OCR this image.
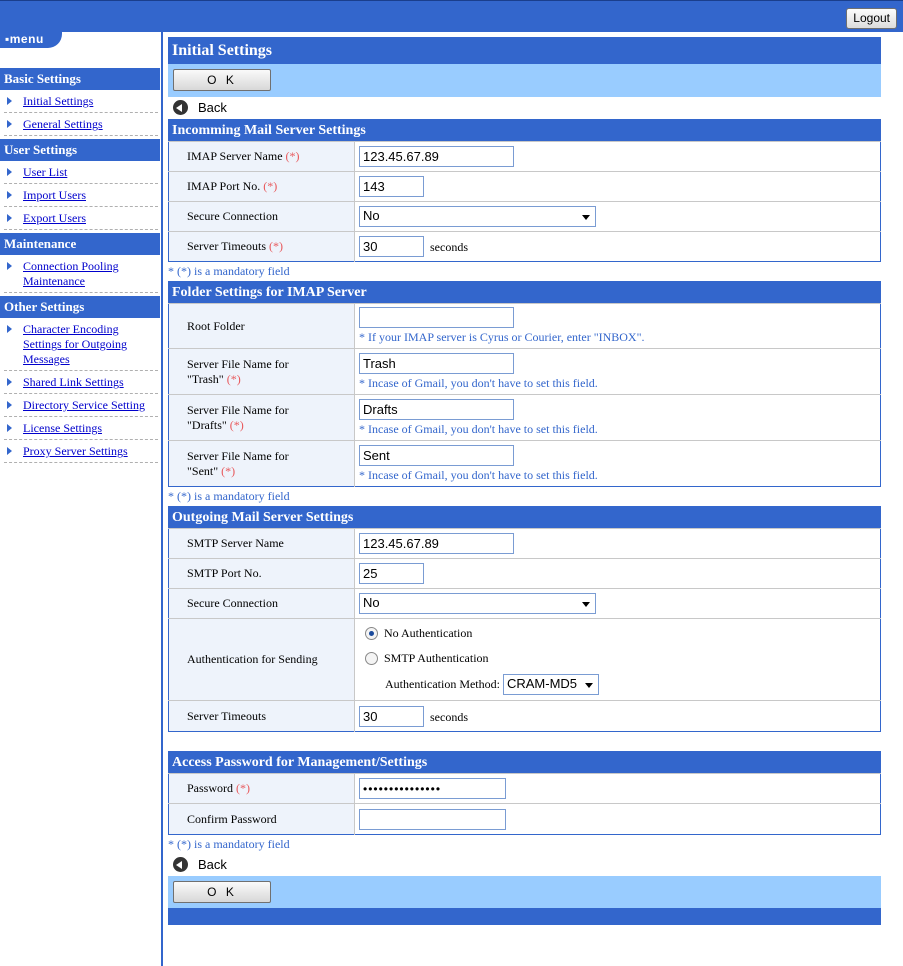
Logout
▪menu
Basic Settings
Initial Settings
General Settings
User Settings
User List
Import Users
Export Users
Maintenance
Connection Pooling Maintenance
Other Settings
Character Encoding Settings for Outgoing Messages
Shared Link Settings
Directory Service Setting
License Settings
Proxy Server Settings
Initial Settings
O K
Back
Incomming Mail Server Settings
IMAP Server Name (*)	123.45.67.89
IMAP Port No. (*)	143
Secure Connection	No

Server Timeouts (*)	30seconds
* (*) is a mandatory field
Folder Settings for IMAP Server
Root Folder	* If your IMAP server is Cyrus or Courier, enter "INBOX".

Server File Name for
"Trash" (*)	Trash
* Incase of Gmail, you don't have to set this field.

Server File Name for
"Drafts" (*)	Drafts
* Incase of Gmail, you don't have to set this field.

Server File Name for
"Sent" (*)	Sent
* Incase of Gmail, you don't have to set this field.
* (*) is a mandatory field
Outgoing Mail Server Settings
SMTP Server Name	123.45.67.89
SMTP Port No.	25
Secure Connection	No

Authentication for Sending	No Authentication
SMTP Authentication
Authentication Method: CRAM-MD5

Server Timeouts	30seconds
Access Password for Management/Settings
Password (*)	•••••••••••••••
Confirm Password	
* (*) is a mandatory field
Back
O K
